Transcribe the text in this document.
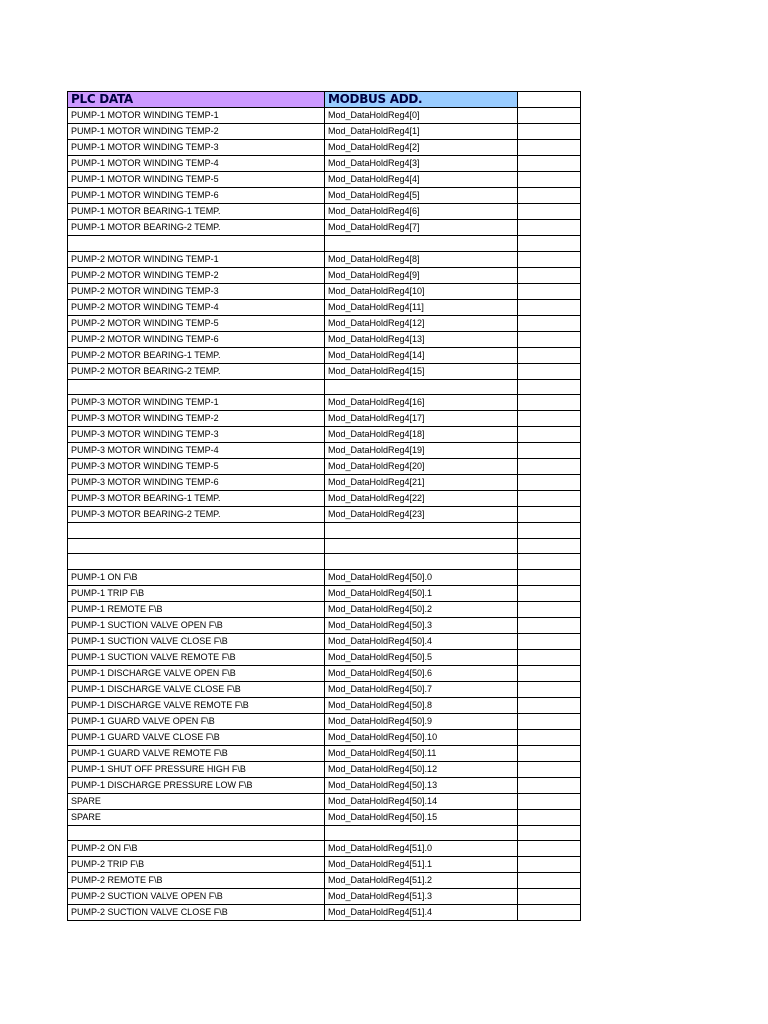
PLC DATA	MODBUS ADD.	
PUMP-1 MOTOR WINDING TEMP-1	Mod_DataHoldReg4[0]	
PUMP-1 MOTOR WINDING TEMP-2	Mod_DataHoldReg4[1]	
PUMP-1 MOTOR WINDING TEMP-3	Mod_DataHoldReg4[2]	
PUMP-1 MOTOR WINDING TEMP-4	Mod_DataHoldReg4[3]	
PUMP-1 MOTOR WINDING TEMP-5	Mod_DataHoldReg4[4]	
PUMP-1 MOTOR WINDING TEMP-6	Mod_DataHoldReg4[5]	
PUMP-1 MOTOR BEARING-1 TEMP.	Mod_DataHoldReg4[6]	
PUMP-1 MOTOR BEARING-2 TEMP.	Mod_DataHoldReg4[7]	

PUMP-2 MOTOR WINDING TEMP-1	Mod_DataHoldReg4[8]	
PUMP-2 MOTOR WINDING TEMP-2	Mod_DataHoldReg4[9]	
PUMP-2 MOTOR WINDING TEMP-3	Mod_DataHoldReg4[10]	
PUMP-2 MOTOR WINDING TEMP-4	Mod_DataHoldReg4[11]	
PUMP-2 MOTOR WINDING TEMP-5	Mod_DataHoldReg4[12]	
PUMP-2 MOTOR WINDING TEMP-6	Mod_DataHoldReg4[13]	
PUMP-2 MOTOR BEARING-1 TEMP.	Mod_DataHoldReg4[14]	
PUMP-2 MOTOR BEARING-2 TEMP.	Mod_DataHoldReg4[15]	

PUMP-3 MOTOR WINDING TEMP-1	Mod_DataHoldReg4[16]	
PUMP-3 MOTOR WINDING TEMP-2	Mod_DataHoldReg4[17]	
PUMP-3 MOTOR WINDING TEMP-3	Mod_DataHoldReg4[18]	
PUMP-3 MOTOR WINDING TEMP-4	Mod_DataHoldReg4[19]	
PUMP-3 MOTOR WINDING TEMP-5	Mod_DataHoldReg4[20]	
PUMP-3 MOTOR WINDING TEMP-6	Mod_DataHoldReg4[21]	
PUMP-3 MOTOR BEARING-1 TEMP.	Mod_DataHoldReg4[22]	
PUMP-3 MOTOR BEARING-2 TEMP.	Mod_DataHoldReg4[23]	

PUMP-1 ON F\B	Mod_DataHoldReg4[50].0	
PUMP-1 TRIP F\B	Mod_DataHoldReg4[50].1	
PUMP-1 REMOTE F\B	Mod_DataHoldReg4[50].2	
PUMP-1 SUCTION VALVE OPEN F\B	Mod_DataHoldReg4[50].3	
PUMP-1 SUCTION VALVE CLOSE F\B	Mod_DataHoldReg4[50].4	
PUMP-1 SUCTION VALVE REMOTE F\B	Mod_DataHoldReg4[50].5	
PUMP-1 DISCHARGE VALVE OPEN F\B	Mod_DataHoldReg4[50].6	
PUMP-1 DISCHARGE VALVE CLOSE F\B	Mod_DataHoldReg4[50].7	
PUMP-1 DISCHARGE VALVE REMOTE F\B	Mod_DataHoldReg4[50].8	
PUMP-1 GUARD VALVE OPEN F\B	Mod_DataHoldReg4[50].9	
PUMP-1 GUARD VALVE CLOSE F\B	Mod_DataHoldReg4[50].10	
PUMP-1 GUARD VALVE REMOTE F\B	Mod_DataHoldReg4[50].11	
PUMP-1 SHUT OFF PRESSURE HIGH F\B	Mod_DataHoldReg4[50].12	
PUMP-1 DISCHARGE PRESSURE LOW F\B	Mod_DataHoldReg4[50].13	
SPARE	Mod_DataHoldReg4[50].14	
SPARE	Mod_DataHoldReg4[50].15	

PUMP-2 ON F\B	Mod_DataHoldReg4[51].0	
PUMP-2 TRIP F\B	Mod_DataHoldReg4[51].1	
PUMP-2 REMOTE F\B	Mod_DataHoldReg4[51].2	
PUMP-2 SUCTION VALVE OPEN F\B	Mod_DataHoldReg4[51].3	
PUMP-2 SUCTION VALVE CLOSE F\B	Mod_DataHoldReg4[51].4	
